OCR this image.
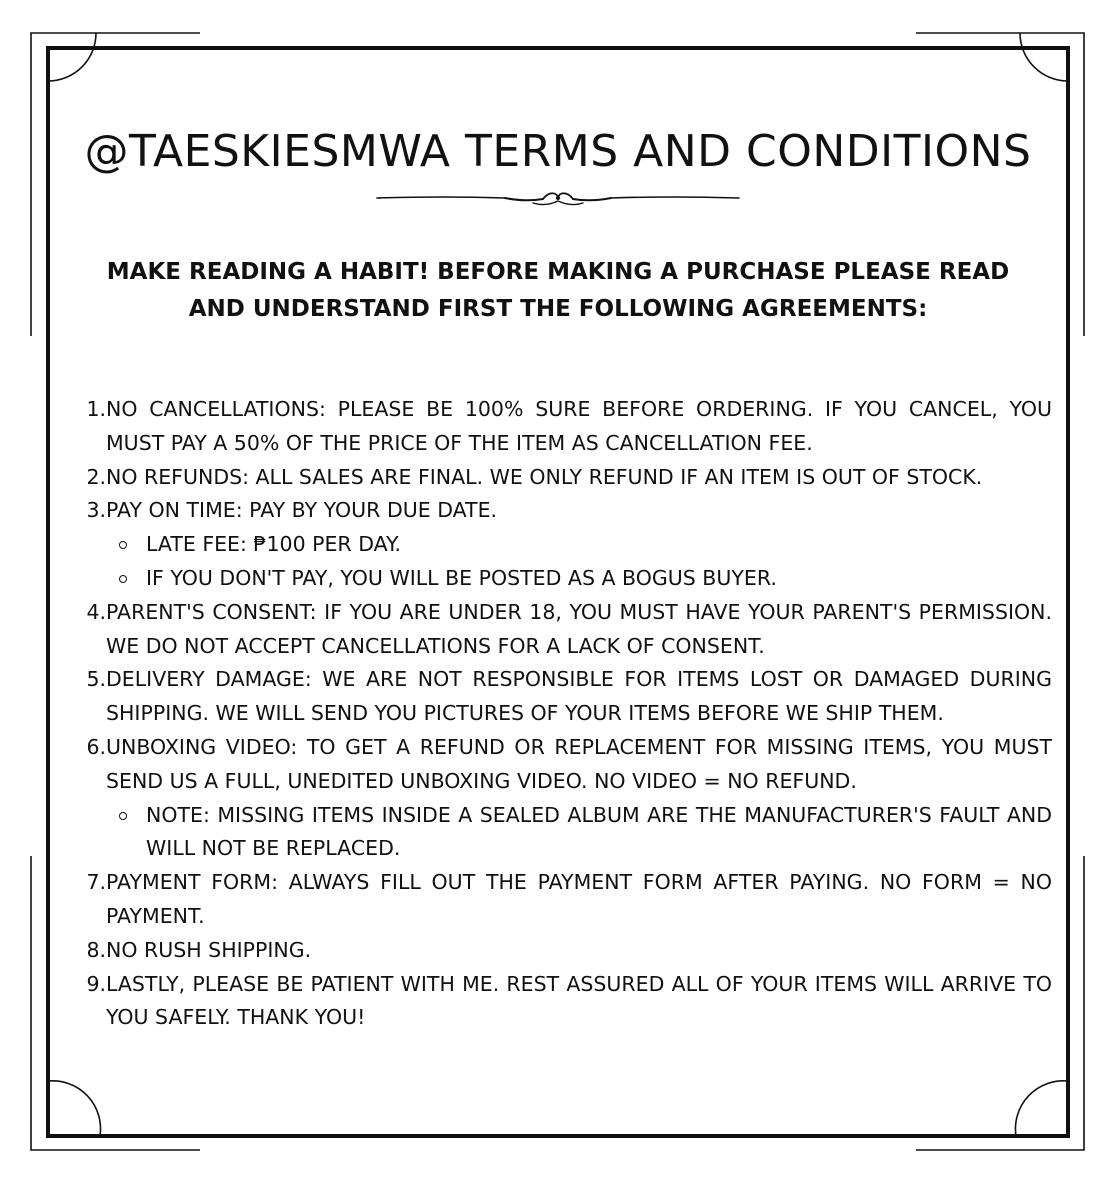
@TAESKIESMWA TERMS AND CONDITIONS

MAKE READING A HABIT! BEFORE MAKING A PURCHASE PLEASE READ AND UNDERSTAND FIRST THE FOLLOWING AGREEMENTS:

1. NO CANCELLATIONS: PLEASE BE 100% SURE BEFORE ORDERING. IF YOU CANCEL, YOU MUST PAY A 50% OF THE PRICE OF THE ITEM AS CANCELLATION FEE.
2. NO REFUNDS: ALL SALES ARE FINAL. WE ONLY REFUND IF AN ITEM IS OUT OF STOCK.
3. PAY ON TIME: PAY BY YOUR DUE DATE.
LATE FEE: ₱100 PER DAY.
IF YOU DON'T PAY, YOU WILL BE POSTED AS A BOGUS BUYER.
4. PARENT'S CONSENT: IF YOU ARE UNDER 18, YOU MUST HAVE YOUR PARENT'S PERMISSION. WE DO NOT ACCEPT CANCELLATIONS FOR A LACK OF CONSENT.
5. DELIVERY DAMAGE: WE ARE NOT RESPONSIBLE FOR ITEMS LOST OR DAMAGED DURING SHIPPING. WE WILL SEND YOU PICTURES OF YOUR ITEMS BEFORE WE SHIP THEM.
6. UNBOXING VIDEO: TO GET A REFUND OR REPLACEMENT FOR MISSING ITEMS, YOU MUST SEND US A FULL, UNEDITED UNBOXING VIDEO. NO VIDEO = NO REFUND.
NOTE: MISSING ITEMS INSIDE A SEALED ALBUM ARE THE MANUFACTURER'S FAULT AND WILL NOT BE REPLACED.
7. PAYMENT FORM: ALWAYS FILL OUT THE PAYMENT FORM AFTER PAYING. NO FORM = NO PAYMENT.
8. NO RUSH SHIPPING.
9. LASTLY, PLEASE BE PATIENT WITH ME. REST ASSURED ALL OF YOUR ITEMS WILL ARRIVE TO YOU SAFELY. THANK YOU!
